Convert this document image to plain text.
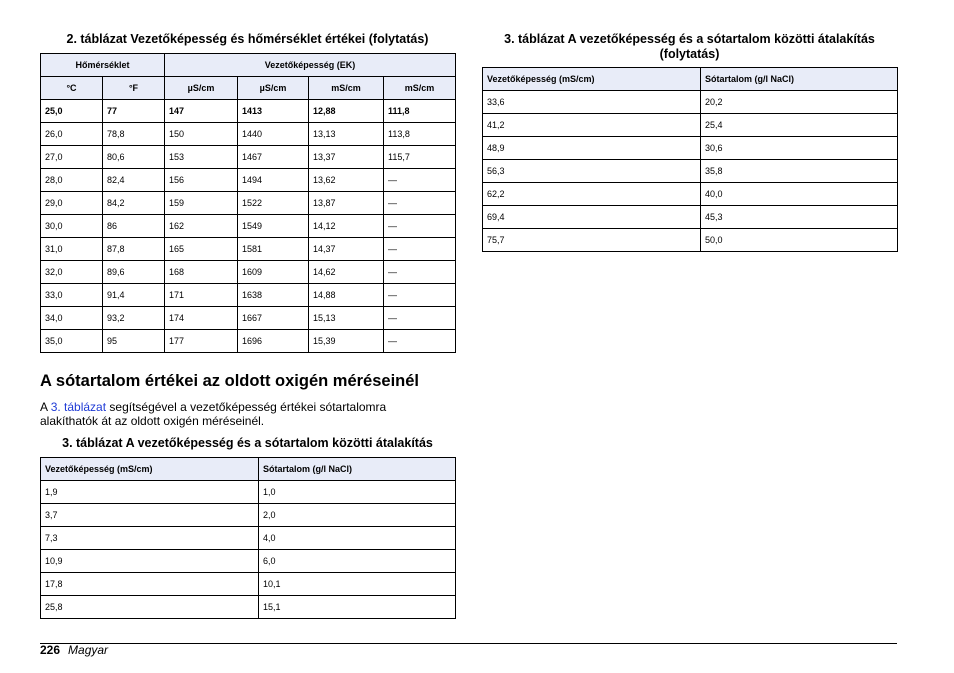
2. táblázat Vezetőképesség és hőmérséklet értékei (folytatás)
Hőmérséklet		Vezetőképesség (EK)			
°C	°F	µS/cm	µS/cm	mS/cm	mS/cm
25,0	77	147	1413	12,88	111,8
26,0	78,8	150	1440	13,13	113,8
27,0	80,6	153	1467	13,37	115,7
28,0	82,4	156	1494	13,62	—
29,0	84,2	159	1522	13,87	—
30,0	86	162	1549	14,12	—
31,0	87,8	165	1581	14,37	—
32,0	89,6	168	1609	14,62	—
33,0	91,4	171	1638	14,88	—
34,0	93,2	174	1667	15,13	—
35,0	95	177	1696	15,39	—
A sótartalom értékei az oldott oxigén méréseinél
A 3. táblázat segítségével a vezetőképesség értékei sótartalomra
alakíthatók át az oldott oxigén méréseinél.
3. táblázat A vezetőképesség és a sótartalom közötti átalakítás
Vezetőképesség (mS/cm)	Sótartalom (g/l NaCl)
1,9	1,0
3,7	2,0
7,3	4,0
10,9	6,0
17,8	10,1
25,8	15,1
3. táblázat A vezetőképesség és a sótartalom közötti átalakítás
(folytatás)
Vezetőképesség (mS/cm)	Sótartalom (g/l NaCl)
33,6	20,2
41,2	25,4
48,9	30,6
56,3	35,8
62,2	40,0
69,4	45,3
75,7	50,0
226 Magyar
